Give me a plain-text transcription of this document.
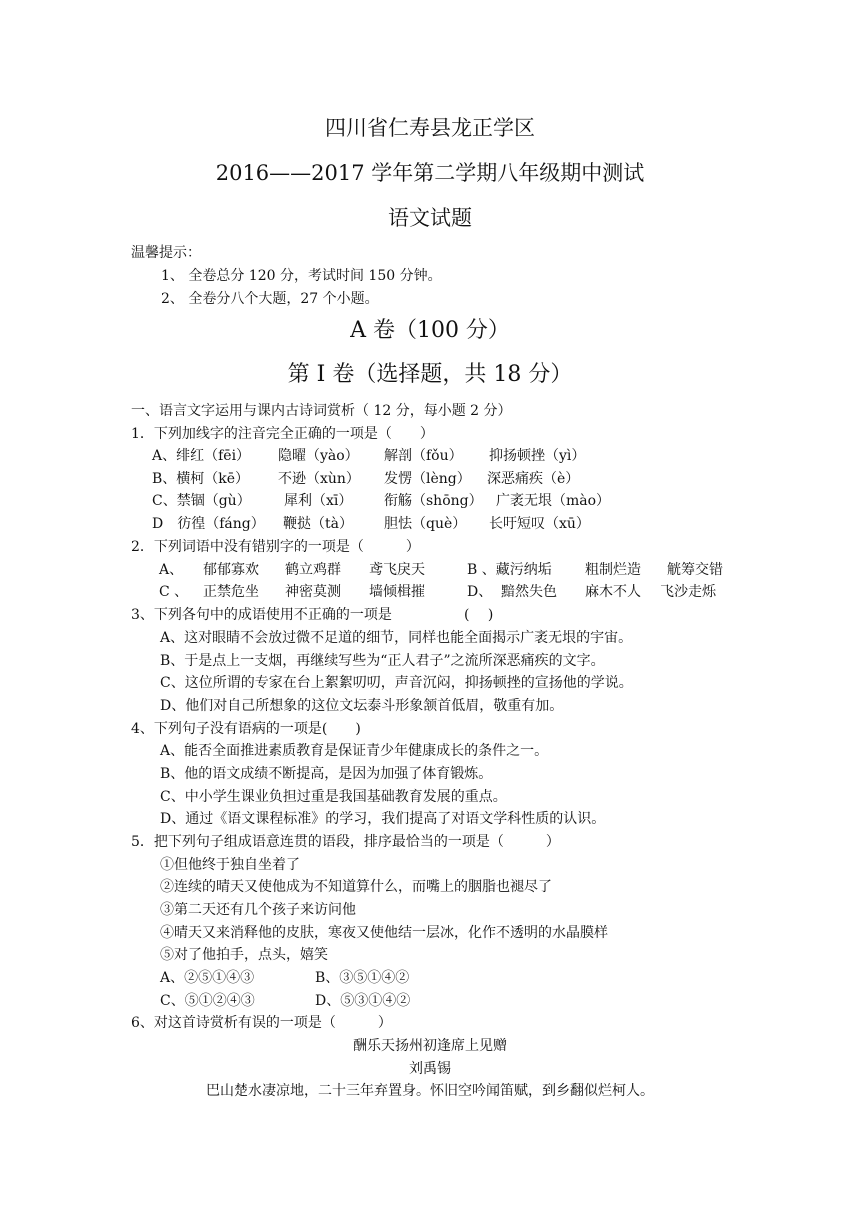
四川省仁寿县龙正学区
2016——2017 学年第二学期八年级期中测试
语文试题
温馨提示：
1、 全卷总分 120 分，考试时间 150 分钟。
2、 全卷分八个大题，27 个小题。
A 卷（100 分）
第 I 卷（选择题，共 18 分）
一、语言文字运用与课内古诗词赏析（ 12 分，每小题 2 分）
1．下列加线字的注音完全正确的一项是（　　）
A、绯红（fēi） 隐曜（yào） 解剖（fǒu） 抑扬顿挫（yì）
B、横柯（kē） 不逊（xùn） 发愣（lèng） 深恶痛疾（è）
C、禁锢（gù） 犀利（xī） 衔觞（shōng） 广袤无垠（mào）
D　彷徨（fáng） 鞭挞（tà） 胆怯（què） 长吁短叹（xū）
2．下列词语中没有错别字的一项是（　　　）
A、 郁郁寡欢 鹤立鸡群 鸢飞戾天	B 、藏污纳垢 粗制烂造 觥筹交错
C 、 正禁危坐 神密莫测 墙倾楫摧	D、 黯然失色 麻木不人 飞沙走烁
3、下列各句中的成语使用不正确的一项是	(　 )
A、这对眼睛不会放过微不足道的细节，同样也能全面揭示广袤无垠的宇宙。
B、于是点上一支烟，再继续写些为“正人君子”之流所深恶痛疾的文字。
C、这位所谓的专家在台上絮絮叨叨，声音沉闷，抑扬顿挫的宣扬他的学说。
D、他们对自己所想象的这位文坛泰斗形象颔首低眉，敬重有加。
4、下列句子没有语病的一项是(　　)
A、能否全面推进素质教育是保证青少年健康成长的条件之一。
B、他的语文成绩不断提高，是因为加强了体育锻炼。
C、中小学生课业负担过重是我国基础教育发展的重点。
D、通过《语文课程标准》的学习，我们提高了对语文学科性质的认识。
5．把下列句子组成语意连贯的语段，排序最恰当的一项是（　　　）
①但他终于独自坐着了
②连续的晴天又使他成为不知道算什么，而嘴上的胭脂也褪尽了
③第二天还有几个孩子来访问他
④晴天又来消释他的皮肤，寒夜又使他结一层冰，化作不透明的水晶膜样
⑤对了他拍手，点头，嬉笑
A、②⑤①④③	B、③⑤①④②
C、⑤①②④③	D、⑤③①④②
6、对这首诗赏析有误的一项是（　　　）
酬乐天扬州初逢席上见赠
刘禹锡
巴山楚水凄凉地，二十三年弃置身。怀旧空吟闻笛赋，到乡翻似烂柯人。
